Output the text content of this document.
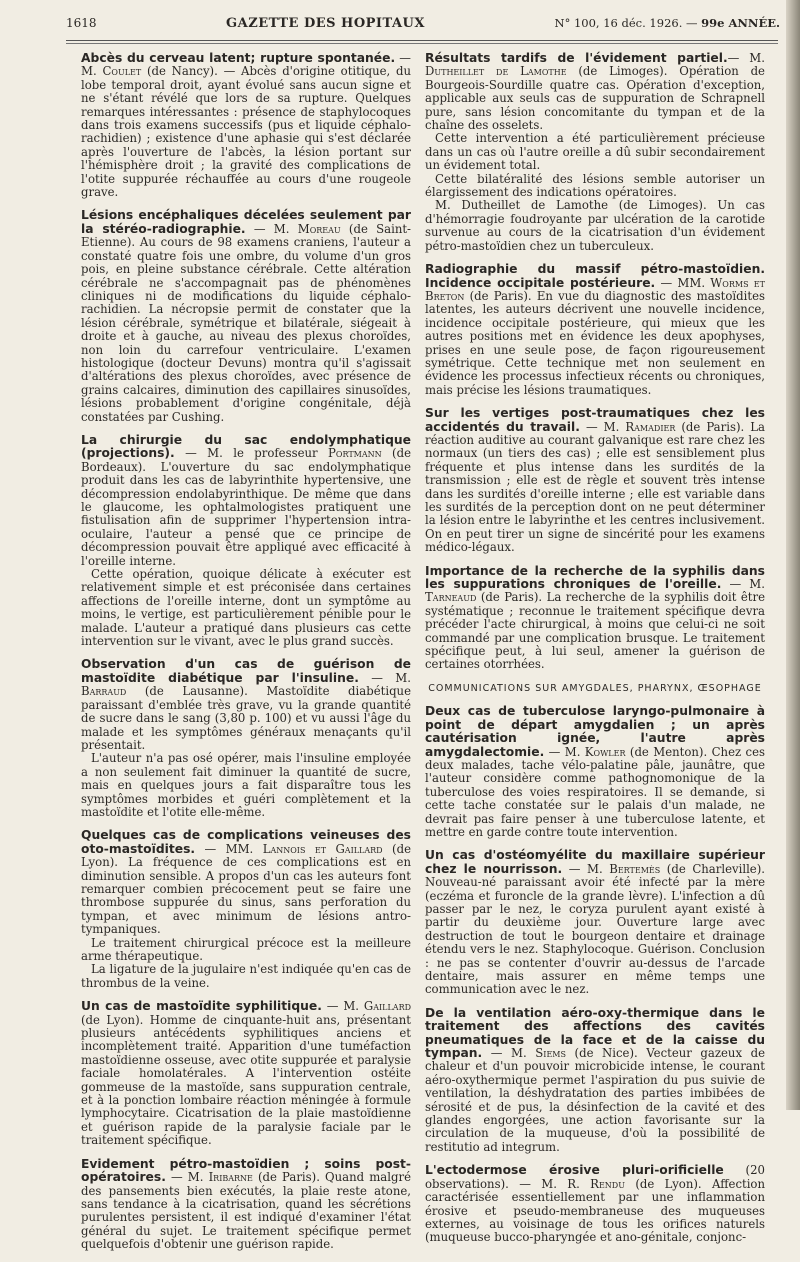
1618	GAZETTE DES HOPITAUX	N° 100, 16 déc. 1926. — 99e ANNÉE.

Abcès du cerveau latent; rupture spontanée. — M. Coulet (de Nancy). — Abcès d'origine otitique, du lobe temporal droit, ayant évolué sans aucun signe et ne s'étant révélé que lors de sa rupture. Quelques remarques intéressantes : présence de staphylocoques dans trois examens successifs (pus et liquide céphalo-rachidien) ; existence d'une aphasie qui s'est déclarée après l'ouverture de l'abcès, la lésion portant sur l'hémisphère droit ; la gravité des complications de l'otite suppurée réchauffée au cours d'une rougeole grave.

Lésions encéphaliques décelées seulement par la stéréo-radiographie. — M. Moreau (de Saint-Etienne). Au cours de 98 examens craniens, l'auteur a constaté quatre fois une ombre, du volume d'un gros pois, en pleine substance cérébrale. Cette altération cérébrale ne s'accompagnait pas de phénomènes cliniques ni de modifications du liquide céphalo-rachidien. La nécropsie permit de constater que la lésion cérébrale, symétrique et bilatérale, siégeait à droite et à gauche, au niveau des plexus choroïdes, non loin du carrefour ventriculaire. L'examen histologique (docteur Devuns) montra qu'il s'agissait d'altérations des plexus choroïdes, avec présence de grains calcaires, diminution des capillaires sinusoïdes, lésions probablement d'origine congénitale, déjà constatées par Cushing.

La chirurgie du sac endolymphatique (projections). — M. le professeur Portmann (de Bordeaux). L'ouverture du sac endolymphatique produit dans les cas de labyrinthite hypertensive, une décompression endolabyrinthique. De même que dans le glaucome, les ophtalmologistes pratiquent une fistulisation afin de supprimer l'hypertension intra-oculaire, l'auteur a pensé que ce principe de décompression pouvait être appliqué avec efficacité à l'oreille interne.

Cette opération, quoique délicate à exécuter est relativement simple et est préconisée dans certaines affections de l'oreille interne, dont un symptôme au moins, le vertige, est particulièrement pénible pour le malade. L'auteur a pratiqué dans plusieurs cas cette intervention sur le vivant, avec le plus grand succès.

Observation d'un cas de guérison de mastoïdite diabétique par l'insuline. — M. Barraud (de Lausanne). Mastoïdite diabétique paraissant d'emblée très grave, vu la grande quantité de sucre dans le sang (3,80 p. 100) et vu aussi l'âge du malade et les symptômes généraux menaçants qu'il présentait.

L'auteur n'a pas osé opérer, mais l'insuline employée a non seulement fait diminuer la quantité de sucre, mais en quelques jours a fait disparaître tous les symptômes morbides et guéri complètement et la mastoïdite et l'otite elle-même.

Quelques cas de complications veineuses des oto-mastoïdites. — MM. Lannois et Gaillard (de Lyon). La fréquence de ces complications est en diminution sensible. A propos d'un cas les auteurs font remarquer combien précocement peut se faire une thrombose suppurée du sinus, sans perforation du tympan, et avec minimum de lésions antro-tympaniques.

Le traitement chirurgical précoce est la meilleure arme thérapeutique.

La ligature de la jugulaire n'est indiquée qu'en cas de thrombus de la veine.

Un cas de mastoïdite syphilitique. — M. Gaillard (de Lyon). Homme de cinquante-huit ans, présentant plusieurs antécédents syphilitiques anciens et incomplètement traité. Apparition d'une tuméfaction mastoïdienne osseuse, avec otite suppurée et paralysie faciale homolatérales. A l'intervention ostéite gommeuse de la mastoïde, sans suppuration centrale, et à la ponction lombaire réaction méningée à formule lymphocytaire. Cicatrisation de la plaie mastoïdienne et guérison rapide de la paralysie faciale par le traitement spécifique.

Evidement pétro-mastoïdien ; soins post-opératoires. — M. Iribarne (de Paris). Quand malgré des pansements bien exécutés, la plaie reste atone, sans tendance à la cicatrisation, quand les sécrétions purulentes persistent, il est indiqué d'examiner l'état général du sujet. Le traitement spécifique permet quelquefois d'obtenir une guérison rapide.

Résultats tardifs de l'évidement partiel.— M. Dutheillet de Lamothe (de Limoges). Opération de Bourgeois-Sourdille quatre cas. Opération d'exception, applicable aux seuls cas de suppuration de Schrapnell pure, sans lésion concomitante du tympan et de la chaîne des osselets.

Cette intervention a été particulièrement précieuse dans un cas où l'autre oreille a dû subir secondairement un évidement total.

Cette bilatéralité des lésions semble autoriser un élargissement des indications opératoires.

M. Dutheillet de Lamothe (de Limoges). Un cas d'hémorragie foudroyante par ulcération de la carotide survenue au cours de la cicatrisation d'un évidement pétro-mastoïdien chez un tuberculeux.

Radiographie du massif pétro-mastoïdien. Incidence occipitale postérieure. — MM. Worms et Breton (de Paris). En vue du diagnostic des mastoïdites latentes, les auteurs décrivent une nouvelle incidence, incidence occipitale postérieure, qui mieux que les autres positions met en évidence les deux apophyses, prises en une seule pose, de façon rigoureusement symétrique. Cette technique met non seulement en évidence les processus infectieux récents ou chroniques, mais précise les lésions traumatiques.

Sur les vertiges post-traumatiques chez les accidentés du travail. — M. Ramadier (de Paris). La réaction auditive au courant galvanique est rare chez les normaux (un tiers des cas) ; elle est sensiblement plus fréquente et plus intense dans les surdités de la transmission ; elle est de règle et souvent très intense dans les surdités d'oreille interne ; elle est variable dans les surdités de la perception dont on ne peut déterminer la lésion entre le labyrinthe et les centres inclusivement. On en peut tirer un signe de sincérité pour les examens médico-légaux.

Importance de la recherche de la syphilis dans les suppurations chroniques de l'oreille. — M. Tarneaud (de Paris). La recherche de la syphilis doit être systématique ; reconnue le traitement spécifique devra précéder l'acte chirurgical, à moins que celui-ci ne soit commandé par une complication brusque. Le traitement spécifique peut, à lui seul, amener la guérison de certaines otorrhées.

COMMUNICATIONS SUR AMYGDALES, PHARYNX, ŒSOPHAGE

Deux cas de tuberculose laryngo-pulmonaire à point de départ amygdalien ; un après cautérisation ignée, l'autre après amygdalectomie. — M. Kowler (de Menton). Chez ces deux malades, tache vélo-palatine pâle, jaunâtre, que l'auteur considère comme pathognomonique de la tuberculose des voies respiratoires. Il se demande, si cette tache constatée sur le palais d'un malade, ne devrait pas faire penser à une tuberculose latente, et mettre en garde contre toute intervention.

Un cas d'ostéomyélite du maxillaire supérieur chez le nourrisson. — M. Bertemès (de Charleville). Nouveau-né paraissant avoir été infecté par la mère (eczéma et furoncle de la grande lèvre). L'infection a dû passer par le nez, le coryza purulent ayant existé à partir du deuxième jour. Ouverture large avec destruction de tout le bourgeon dentaire et drainage étendu vers le nez. Staphylocoque. Guérison. Conclusion : ne pas se contenter d'ouvrir au-dessus de l'arcade dentaire, mais assurer en même temps une communication avec le nez.

De la ventilation aéro-oxy-thermique dans le traitement des affections des cavités pneumatiques de la face et de la caisse du tympan. — M. Siems (de Nice). Vecteur gazeux de chaleur et d'un pouvoir microbicide intense, le courant aéro-oxythermique permet l'aspiration du pus suivie de ventilation, la déshydratation des parties imbibées de sérosité et de pus, la désinfection de la cavité et des glandes engorgées, une action favorisante sur la circulation de la muqueuse, d'où la possibilité de restitutio ad integrum.

L'ectodermose érosive pluri-orificielle (20 observations). — M. R. Rendu (de Lyon). Affection caractérisée essentiellement par une inflammation érosive et pseudo-membraneuse des muqueuses externes, au voisinage de tous les orifices naturels (muqueuse bucco-pharyngée et ano-génitale, conjonc-
